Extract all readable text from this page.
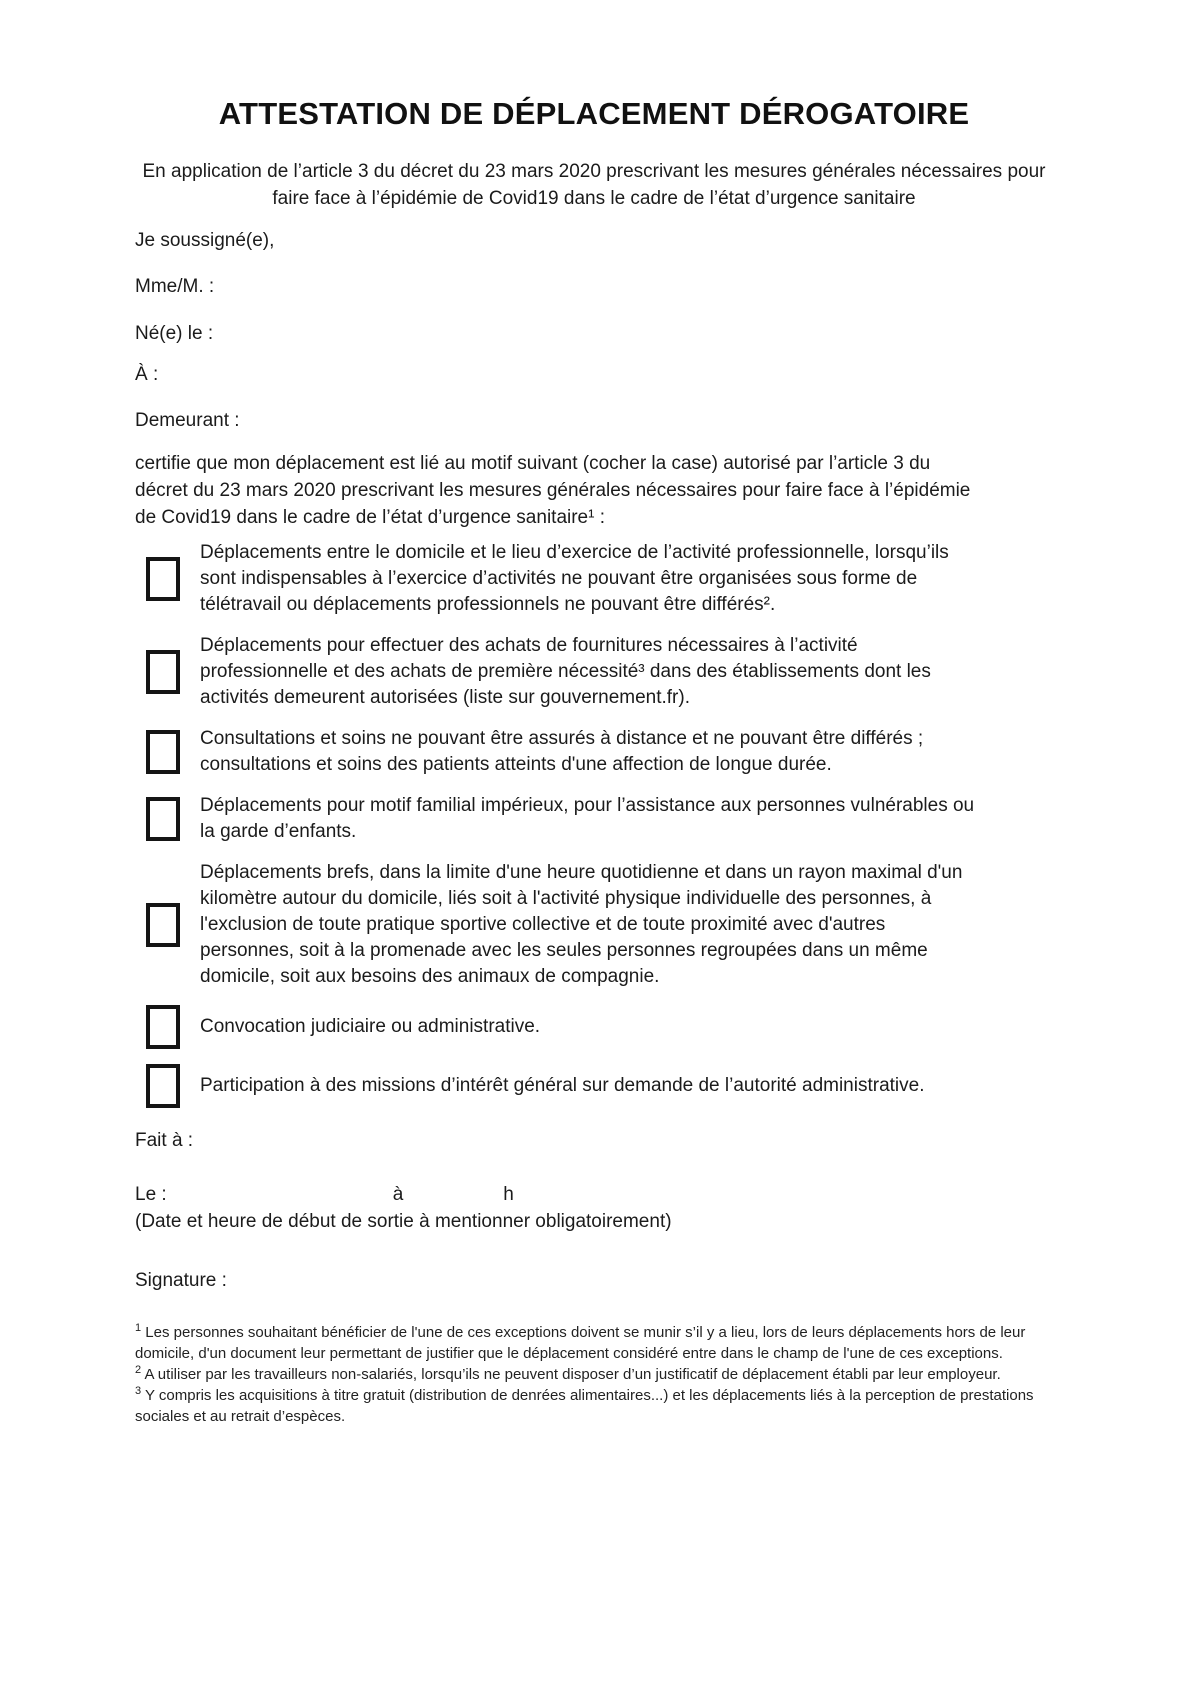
ATTESTATION DE DÉPLACEMENT DÉROGATOIRE

En application de l’article 3 du décret du 23 mars 2020 prescrivant les mesures générales nécessaires pour faire face à l’épidémie de Covid19 dans le cadre de l’état d’urgence sanitaire

Je soussigné(e),

Mme/M. :
Né(e) le :
À :
Demeurant :

certifie que mon déplacement est lié au motif suivant (cocher la case) autorisé par l’article 3 du décret du 23 mars 2020 prescrivant les mesures générales nécessaires pour faire face à l’épidémie de Covid19 dans le cadre de l’état d’urgence sanitaire¹ :

Déplacements entre le domicile et le lieu d’exercice de l’activité professionnelle, lorsqu’ils sont indispensables à l’exercice d’activités ne pouvant être organisées sous forme de télétravail ou déplacements professionnels ne pouvant être différés².
Déplacements pour effectuer des achats de fournitures nécessaires à l’activité professionnelle et des achats de première nécessité³ dans des établissements dont les activités demeurent autorisées (liste sur gouvernement.fr).
Consultations et soins ne pouvant être assurés à distance et ne pouvant être différés ; consultations et soins des patients atteints d'une affection de longue durée.
Déplacements pour motif familial impérieux, pour l’assistance aux personnes vulnérables ou la garde d’enfants.
Déplacements brefs, dans la limite d'une heure quotidienne et dans un rayon maximal d'un kilomètre autour du domicile, liés soit à l'activité physique individuelle des personnes, à l'exclusion de toute pratique sportive collective et de toute proximité avec d'autres personnes, soit à la promenade avec les seules personnes regroupées dans un même domicile, soit aux besoins des animaux de compagnie.
Convocation judiciaire ou administrative.
Participation à des missions d’intérêt général sur demande de l’autorité administrative.
Fait à :
Le :	à	h

(Date et heure de début de sortie à mentionner obligatoirement)

Signature :
$^1$ Les personnes souhaitant bénéficier de l'une de ces exceptions doivent se munir s’il y a lieu, lors de leurs déplacements hors de leur domicile, d'un document leur permettant de justifier que le déplacement considéré entre dans le champ de l'une de ces exceptions.
$^2$ A utiliser par les travailleurs non-salariés, lorsqu’ils ne peuvent disposer d’un justificatif de déplacement établi par leur employeur.
$^3$ Y compris les acquisitions à titre gratuit (distribution de denrées alimentaires...) et les déplacements liés à la perception de prestations sociales et au retrait d’espèces.
